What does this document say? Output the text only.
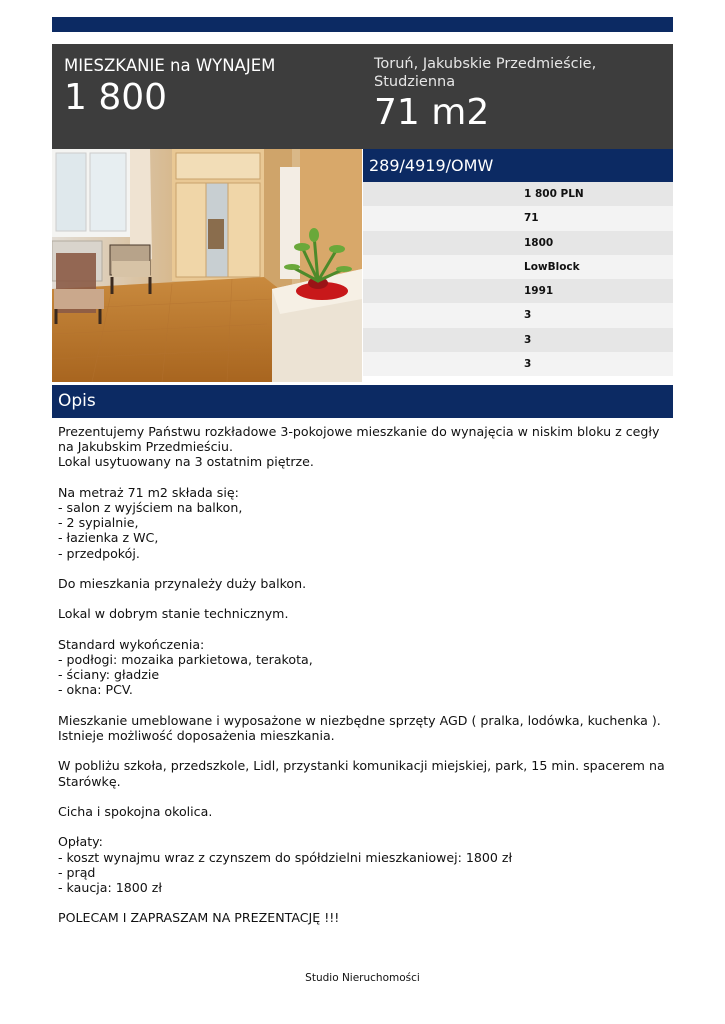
MIESZKANIE na WYNAJEM
1 800
Toruń, Jakubskie Przedmieście, Studzienna
71 m2
289/4919/OMW
1 800 PLN
71
1800
LowBlock
1991
3
3
3
Opis
Prezentujemy Państwu rozkładowe 3-pokojowe mieszkanie do wynajęcia w niskim bloku z cegły na Jakubskim Przedmieściu.
Lokal usytuowany na 3 ostatnim piętrze.
Na metraż 71 m2 składa się:
- salon z wyjściem na balkon,
- 2 sypialnie,
- łazienka z WC,
- przedpokój.
Do mieszkania przynależy duży balkon.
Lokal w dobrym stanie technicznym.
Standard wykończenia:
- podłogi: mozaika parkietowa, terakota,
- ściany: gładzie
- okna: PCV.
Mieszkanie umeblowane i wyposażone w niezbędne sprzęty AGD ( pralka, lodówka, kuchenka ).
Istnieje możliwość doposażenia mieszkania.
W pobliżu szkoła, przedszkole, Lidl, przystanki komunikacji miejskiej, park, 15 min. spacerem na Starówkę.
Cicha i spokojna okolica.
Opłaty:
- koszt wynajmu wraz z czynszem do spółdzielni mieszkaniowej: 1800 zł
- prąd
- kaucja: 1800 zł
POLECAM I ZAPRASZAM NA PREZENTACJĘ !!!
Studio Nieruchomości
